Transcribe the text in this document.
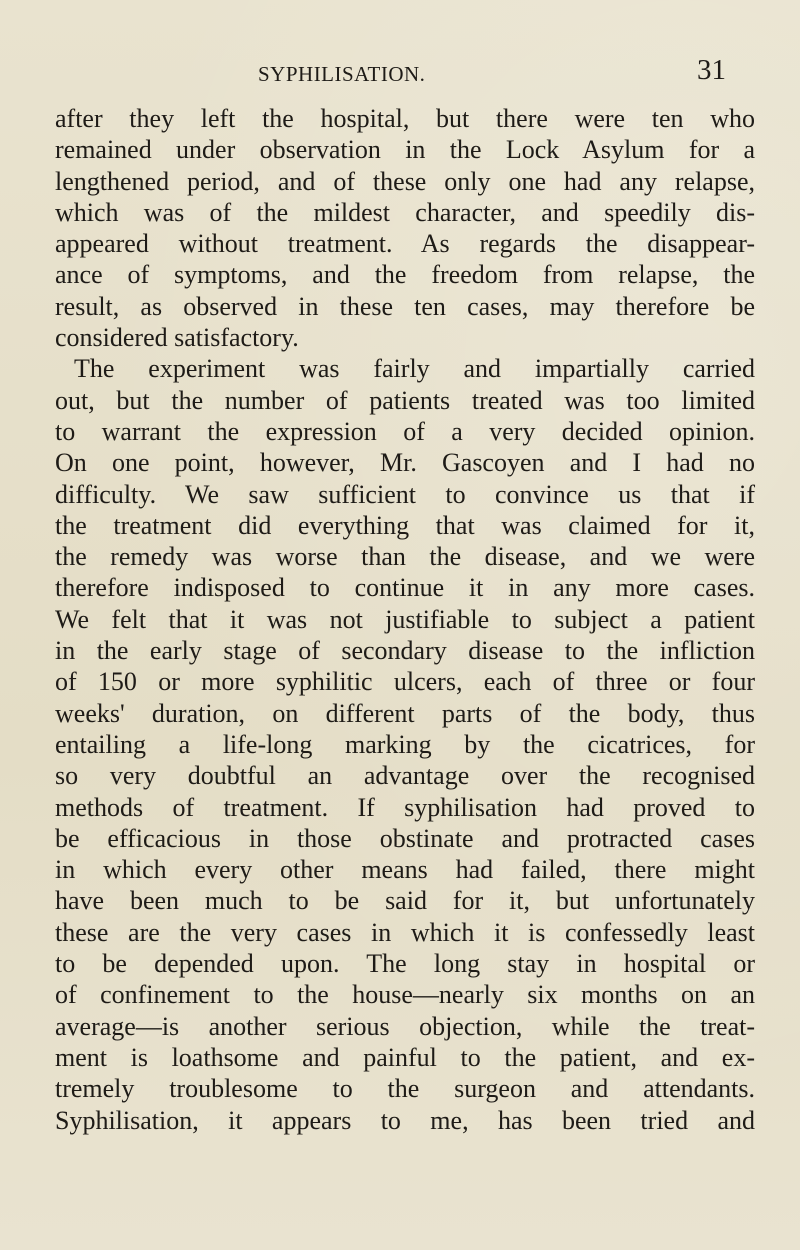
SYPHILISATION.	31
after they left the hospital, but there were ten who
remained under observation in the Lock Asylum for a
lengthened period, and of these only one had any relapse,
which was of the mildest character, and speedily dis-
appeared without treatment. As regards the disappear-
ance of symptoms, and the freedom from relapse, the
result, as observed in these ten cases, may therefore be
considered satisfactory.
The experiment was fairly and impartially carried
out, but the number of patients treated was too limited
to warrant the expression of a very decided opinion.
On one point, however, Mr. Gascoyen and I had no
difficulty. We saw sufficient to convince us that if
the treatment did everything that was claimed for it,
the remedy was worse than the disease, and we were
therefore indisposed to continue it in any more cases.
We felt that it was not justifiable to subject a patient
in the early stage of secondary disease to the infliction
of 150 or more syphilitic ulcers, each of three or four
weeks' duration, on different parts of the body, thus
entailing a life-long marking by the cicatrices, for
so very doubtful an advantage over the recognised
methods of treatment. If syphilisation had proved to
be efficacious in those obstinate and protracted cases
in which every other means had failed, there might
have been much to be said for it, but unfortunately
these are the very cases in which it is confessedly least
to be depended upon. The long stay in hospital or
of confinement to the house—nearly six months on an
average—is another serious objection, while the treat-
ment is loathsome and painful to the patient, and ex-
tremely troublesome to the surgeon and attendants.
Syphilisation, it appears to me, has been tried and
